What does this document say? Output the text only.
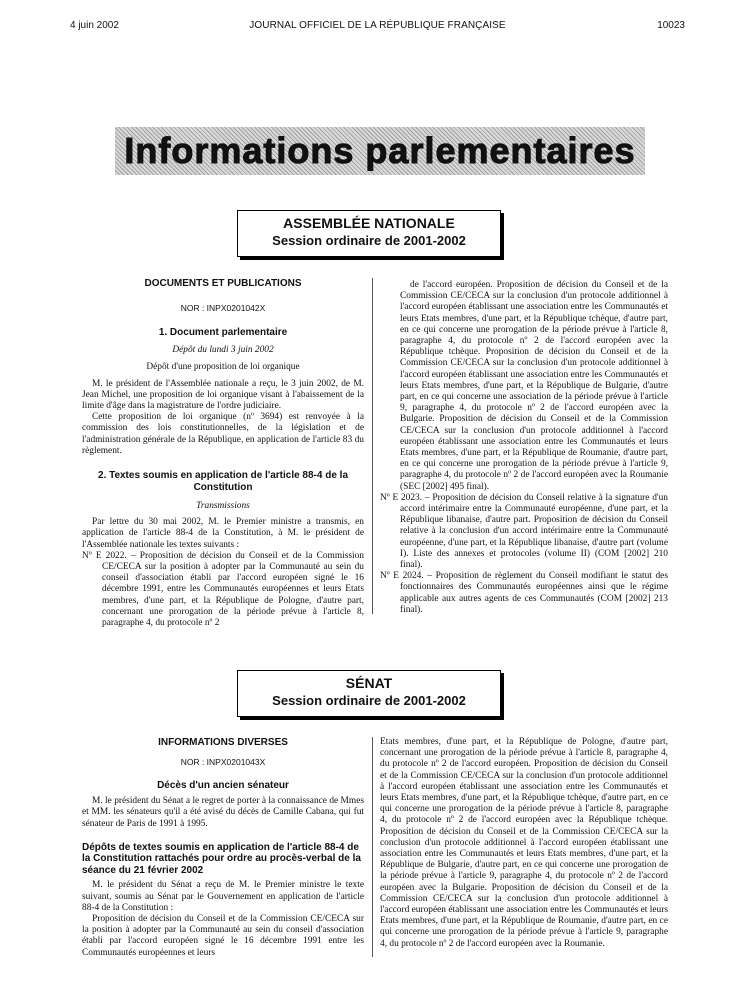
4 juin 2002	JOURNAL OFFICIEL DE LA RÉPUBLIQUE FRANÇAISE	10023
Informations parlementaires
ASSEMBLÉE NATIONALE
Session ordinaire de 2001-2002
DOCUMENTS ET PUBLICATIONS
NOR : INPX0201042X
1. Document parlementaire
Dépôt du lundi 3 juin 2002
Dépôt d'une proposition de loi organique

M. le président de l'Assemblée nationale a reçu, le 3 juin 2002, de M. Jean Michel, une proposition de loi organique visant à l'abaissement de la limite d'âge dans la magistrature de l'ordre judiciaire.

Cette proposition de loi organique (nº 3694) est renvoyée à la commission des lois constitutionnelles, de la législation et de l'administration générale de la République, en application de l'article 83 du règlement.

2. Textes soumis en application de l'article 88-4 de la Constitution
Transmissions

Par lettre du 30 mai 2002, M. le Premier ministre a transmis, en application de l'article 88-4 de la Constitution, à M. le président de l'Assemblée nationale les textes suivants :

Nº E 2022. – Proposition de décision du Conseil et de la Commission CE/CECA sur la position à adopter par la Communauté au sein du conseil d'association établi par l'accord européen signé le 16 décembre 1991, entre les Communautés européennes et leurs Etats membres, d'une part, et la République de Pologne, d'autre part, concernant une prorogation de la période prévue à l'article 8, paragraphe 4, du protocole nº 2

de l'accord européen. Proposition de décision du Conseil et de la Commission CE/CECA sur la conclusion d'un protocole additionnel à l'accord européen établissant une association entre les Communautés et leurs Etats membres, d'une part, et la République tchèque, d'autre part, en ce qui concerne une prorogation de la période prévue à l'article 8, paragraphe 4, du protocole nº 2 de l'accord européen avec la République tchèque. Proposition de décision du Conseil et de la Commission CE/CECA sur la conclusion d'un protocole additionnel à l'accord européen établissant une association entre les Communautés et leurs Etats membres, d'une part, et la République de Bulgarie, d'autre part, en ce qui concerne une association de la période prévue à l'article 9, paragraphe 4, du protocole nº 2 de l'accord européen avec la Bulgarie. Proposition de décision du Conseil et de la Commission CE/CECA sur la conclusion d'un protocole additionnel à l'accord européen établissant une association entre les Communautés et leurs Etats membres, d'une part, et la République de Roumanie, d'autre part, en ce qui concerne une prorogation de la période prévue à l'article 9, paragraphe 4, du protocole nº 2 de l'accord européen avec la Roumanie (SEC [2002] 495 final).

Nº E 2023. – Proposition de décision du Conseil relative à la signature d'un accord intérimaire entre la Communauté européenne, d'une part, et la République libanaise, d'autre part. Proposition de décision du Conseil relative à la conclusion d'un accord intérimaire entre la Communauté européenne, d'une part, et la République libanaise, d'autre part (volume I). Liste des annexes et protocoles (volume II) (COM [2002] 210 final).

Nº E 2024. – Proposition de règlement du Conseil modifiant le statut des fonctionnaires des Communautés européennes ainsi que le régime applicable aux autres agents de ces Communautés (COM [2002] 213 final).

SÉNAT
Session ordinaire de 2001-2002
INFORMATIONS DIVERSES
NOR : INPX0201043X
Décès d'un ancien sénateur

M. le président du Sénat a le regret de porter à la connaissance de Mmes et MM. les sénateurs qu'il a été avisé du décès de Camille Cabana, qui fut sénateur de Paris de 1991 à 1995.

Dépôts de textes soumis en application de l'article 88-4 de la Constitution rattachés pour ordre au procès-verbal de la séance du 21 février 2002

M. le président du Sénat a reçu de M. le Premier ministre le texte suivant, soumis au Sénat par le Gouvernement en application de l'article 88-4 de la Constitution :

Proposition de décision du Conseil et de la Commission CE/CECA sur la position à adopter par la Communauté au sein du conseil d'association établi par l'accord européen signé le 16 décembre 1991 entre les Communautés européennes et leurs

Etats membres, d'une part, et la République de Pologne, d'autre part, concernant une prorogation de la période prévue à l'article 8, paragraphe 4, du protocole nº 2 de l'accord européen. Proposition de décision du Conseil et de la Commission CE/CECA sur la conclusion d'un protocole additionnel à l'accord européen établissant une association entre les Communautés et leurs Etats membres, d'une part, et la République tchèque, d'autre part, en ce qui concerne une prorogation de la période prévue à l'article 8, paragraphe 4, du protocole nº 2 de l'accord européen avec la République tchèque. Proposition de décision du Conseil et de la Commission CE/CECA sur la conclusion d'un protocole additionnel à l'accord européen établissant une association entre les Communautés et leurs Etats membres, d'une part, et la République de Bulgarie, d'autre part, en ce qui concerne une prorogation de la période prévue à l'article 9, paragraphe 4, du protocole nº 2 de l'accord européen avec la Bulgarie. Proposition de décision du Conseil et de la Commission CE/CECA sur la conclusion d'un protocole additionnel à l'accord européen établissant une association entre les Communautés et leurs Etats membres, d'une part, et la République de Roumanie, d'autre part, en ce qui concerne une prorogation de la période prévue à l'article 9, paragraphe 4, du protocole nº 2 de l'accord européen avec la Roumanie.
